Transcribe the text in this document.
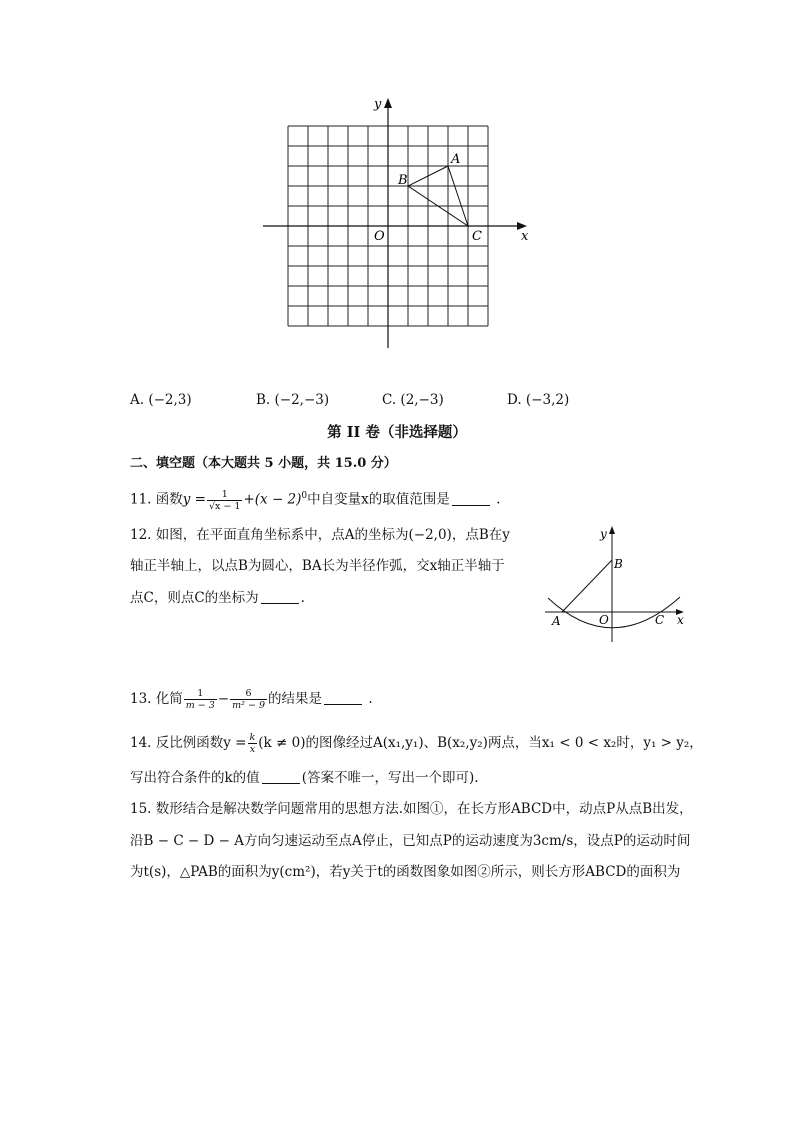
y
x
A
B
C
O
A. (−2,3)	B. (−2,−3)	C. (2,−3)	D. (−3,2)
第 II 卷（非选择题）
二、填空题（本大题共 5 小题，共 15.0 分）
11. 函数$y = \frac{1}{√x - 1} +(x - 2)^0$中自变量x的取值范围是	.
12. 如图，在平面直角坐标系中，点A的坐标为(−2,0)，点B在y
轴正半轴上，以点B为圆心，BA长为半径作弧，交x轴正半轴于
点C，则点C的坐标为	.
y
x
B
A	O	C
13. 化简 $\frac{1}{m - 3} - \frac{6}{\text{m² − 9}}$ 的结果是	.
14. 反比例函数$y = \frac{k}{x} (k \ne 0)$的图像经过A(x₁,y₁)、B(x₂,y₂)两点，当x₁ < 0 < x₂时，y₁ > y₂，
写出符合条件的k的值	(答案不唯一，写出一个即可).
15. 数形结合是解决数学问题常用的思想方法.如图①，在长方形ABCD中，动点P从点B出发，
沿B − C − D − A方向匀速运动至点A停止，已知点P的运动速度为3cm/s，设点P的运动时间
为t(s)，△PAB的面积为y(cm²)，若y关于t的函数图象如图②所示，则长方形ABCD的面积为
